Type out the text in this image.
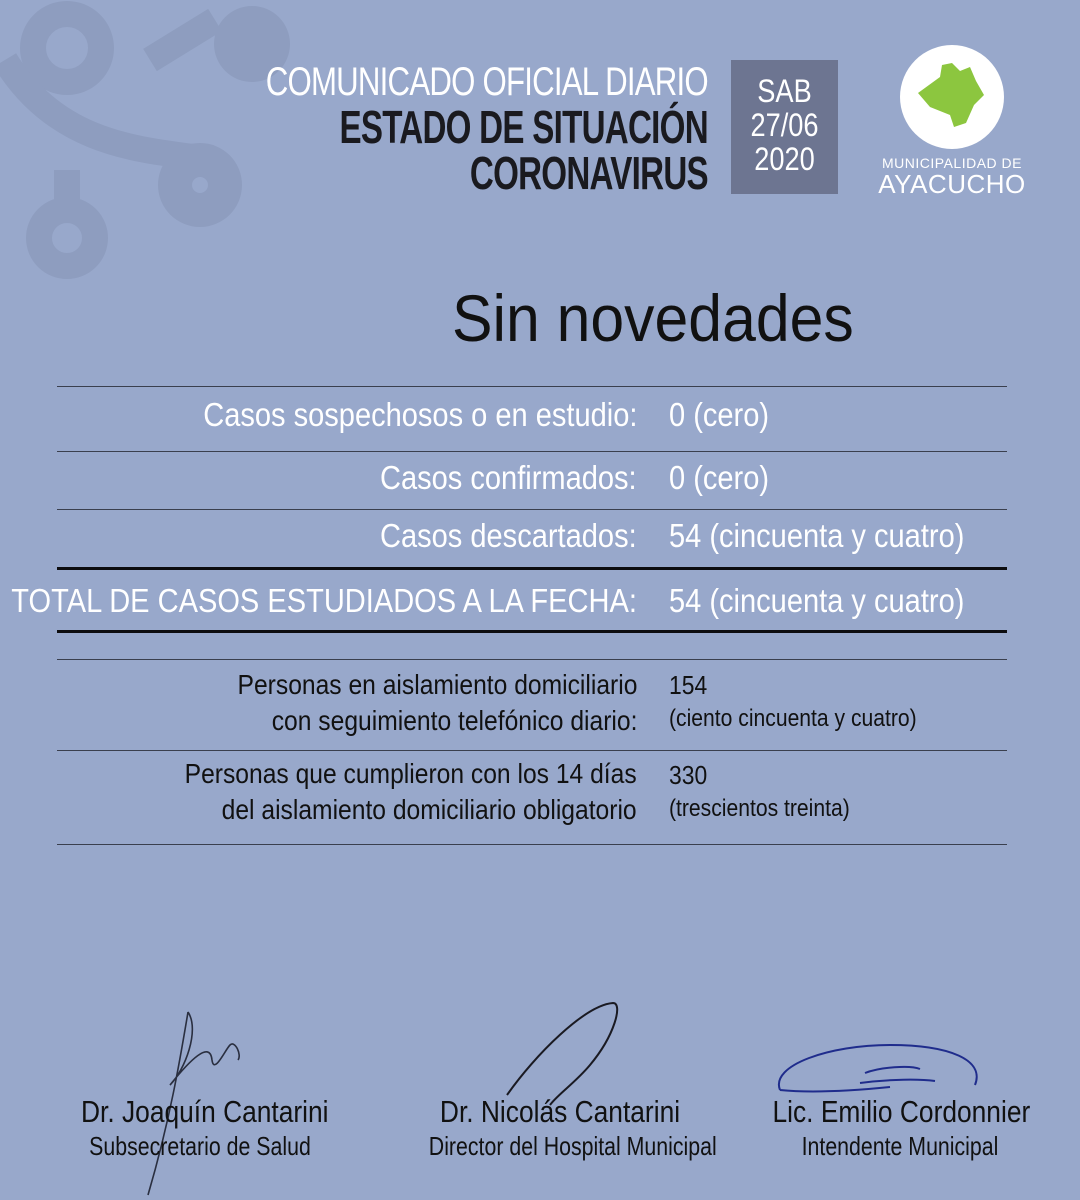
COMUNICADO OFICIAL DIARIO
ESTADO DE SITUACIÓN
CORONAVIRUS
SAB
27/06
2020	MUNICIPALIDAD DE
AYACUCHO
Sin novedades
Casos sospechosos o en estudio: 0 (cero)
Casos confirmados: 0 (cero)
Casos descartados: 54 (cincuenta y cuatro)
TOTAL DE CASOS ESTUDIADOS A LA FECHA: 54 (cincuenta y cuatro)
Personas en aislamiento domiciliario
con seguimiento telefónico diario:
154
(ciento cincuenta y cuatro)
Personas que cumplieron con los 14 días
del aislamiento domiciliario obligatorio
330
(trescientos treinta)
Dr. Joaquín Cantarini
Subsecretario de Salud
Dr. Nicolás Cantarini
Director del Hospital Municipal
Lic. Emilio Cordonnier
Intendente Municipal
